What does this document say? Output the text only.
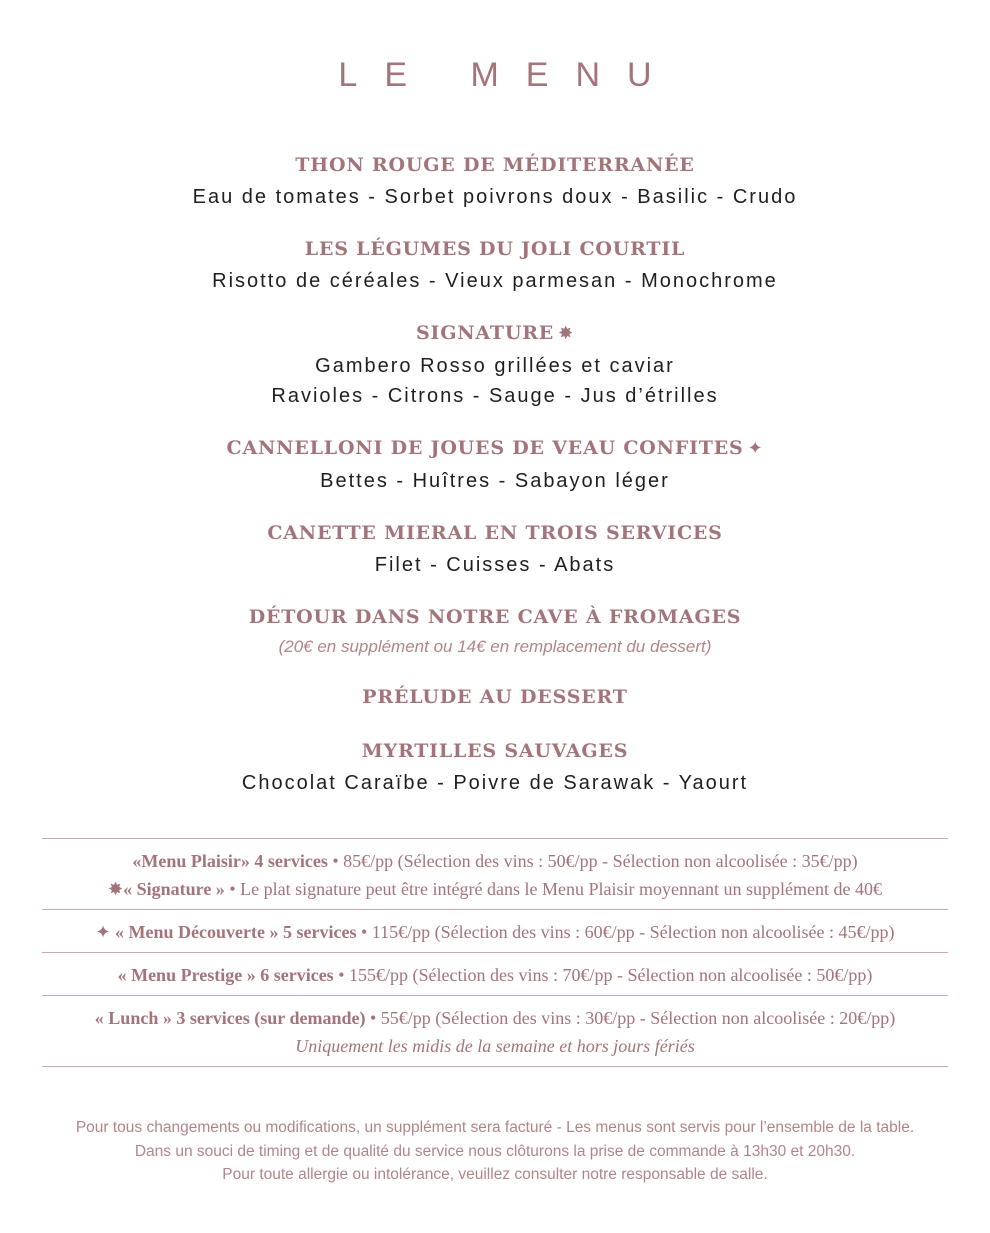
LE MENU
THON ROUGE DE MÉDITERRANÉE
Eau de tomates - Sorbet poivrons doux - Basilic - Crudo
LES LÉGUMES DU JOLI COURTIL
Risotto de céréales - Vieux parmesan - Monochrome
SIGNATURE ✸
Gambero Rosso grillées et caviar
Ravioles - Citrons - Sauge - Jus d’étrilles
CANNELLONI DE JOUES DE VEAU CONFITES ✦
Bettes - Huîtres - Sabayon léger
CANETTE MIERAL EN TROIS SERVICES
Filet - Cuisses - Abats
DÉTOUR DANS NOTRE CAVE À FROMAGES
(20€ en supplément ou 14€ en remplacement du dessert)
PRÉLUDE AU DESSERT
MYRTILLES SAUVAGES
Chocolat Caraïbe - Poivre de Sarawak - Yaourt
«Menu Plaisir» 4 services • 85€/pp (Sélection des vins : 50€/pp - Sélection non alcoolisée : 35€/pp)
✸« Signature » • Le plat signature peut être intégré dans le Menu Plaisir moyennant un supplément de 40€
✦ « Menu Découverte » 5 services • 115€/pp (Sélection des vins : 60€/pp - Sélection non alcoolisée : 45€/pp)
« Menu Prestige » 6 services • 155€/pp (Sélection des vins : 70€/pp - Sélection non alcoolisée : 50€/pp)
« Lunch » 3 services (sur demande) • 55€/pp (Sélection des vins : 30€/pp - Sélection non alcoolisée : 20€/pp)
Uniquement les midis de la semaine et hors jours fériés
Pour tous changements ou modifications, un supplément sera facturé - Les menus sont servis pour l’ensemble de la table.
Dans un souci de timing et de qualité du service nous clôturons la prise de commande à 13h30 et 20h30.
Pour toute allergie ou intolérance, veuillez consulter notre responsable de salle.
